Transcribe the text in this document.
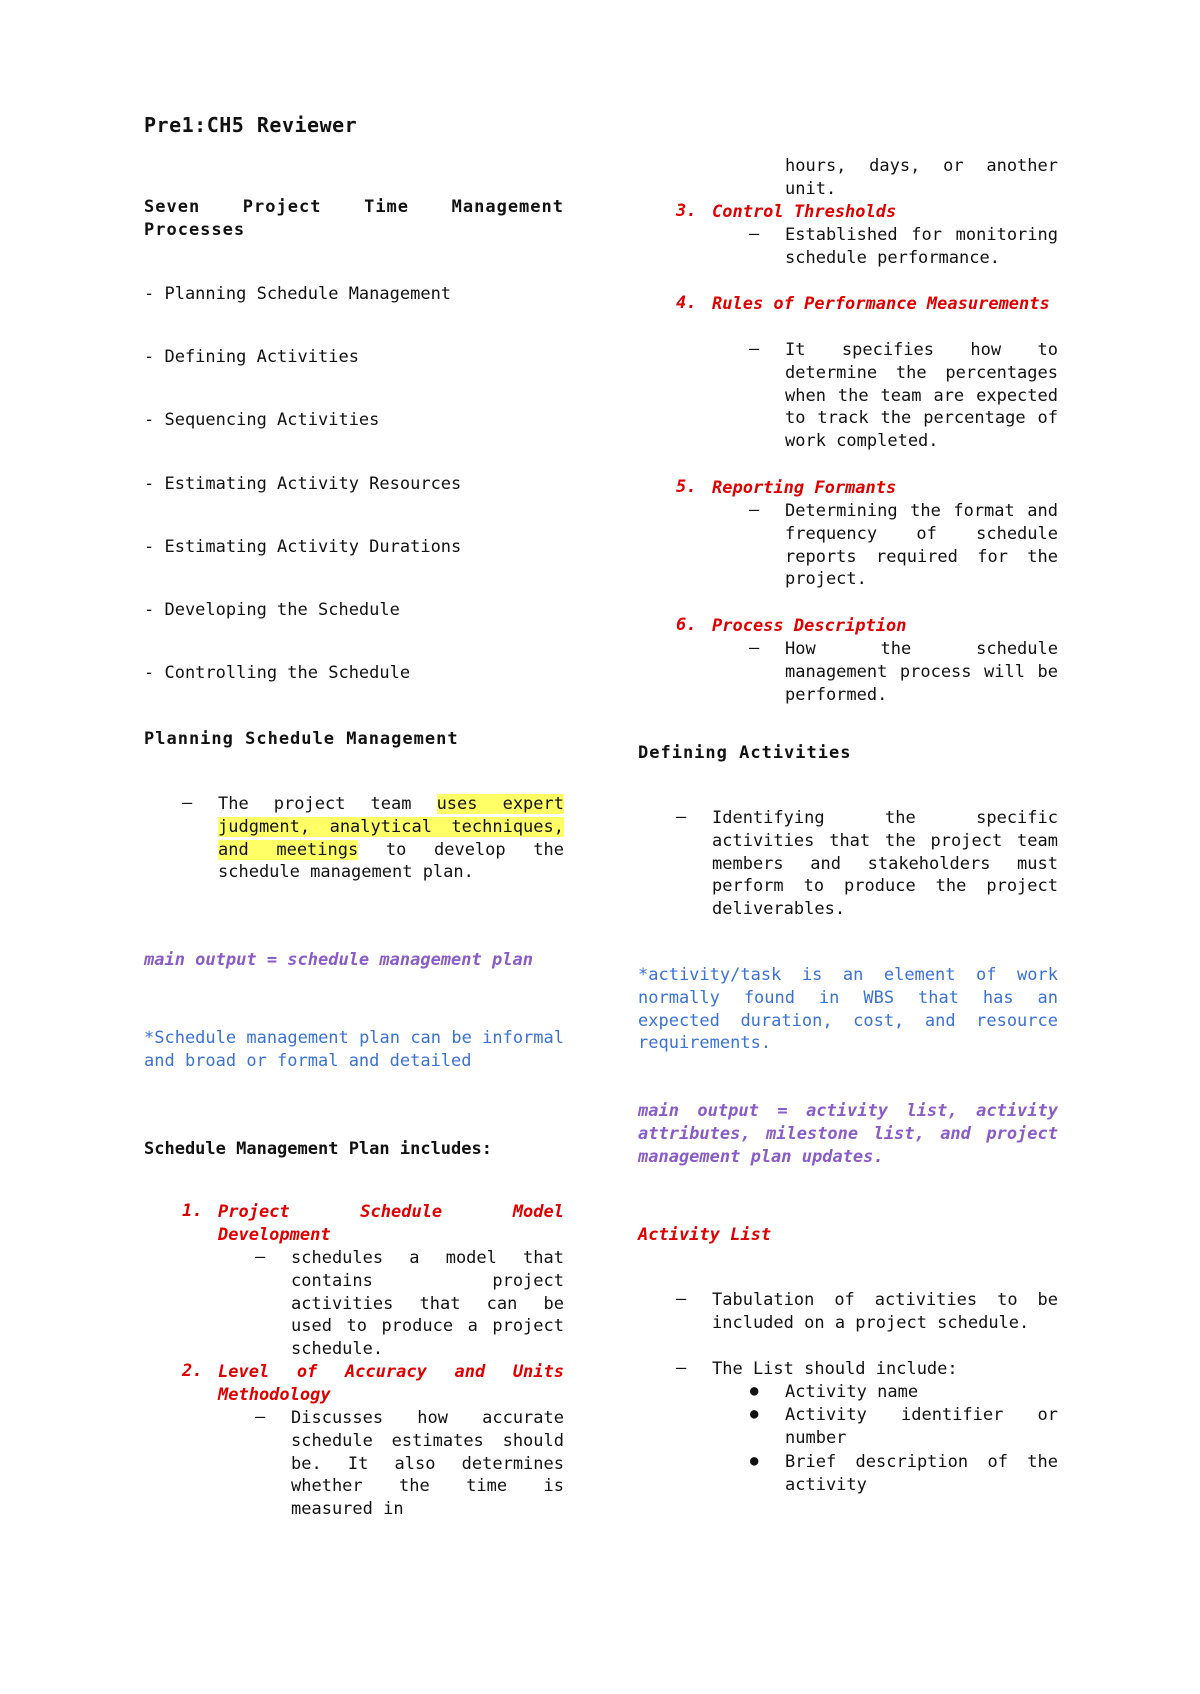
Pre1:CH5 Reviewer
Seven Project Time Management Processes
- Planning Schedule Management
- Defining Activities
- Sequencing Activities
- Estimating Activity Resources
- Estimating Activity Durations
- Developing the Schedule
- Controlling the Schedule
Planning Schedule Management
– The project team uses expert judgment, analytical techniques, and meetings to develop the schedule management plan.
main output = schedule management plan
*Schedule management plan can be informal and broad or formal and detailed
Schedule Management Plan includes:
1. Project Schedule Model Development
– schedules a model that contains project activities that can be used to produce a project schedule.
2. Level of Accuracy and Units Methodology
– Discusses how accurate schedule estimates should be. It also determines whether the time is measured in
hours, days, or another unit.
3. Control Thresholds
– Established for monitoring schedule performance.
4. Rules of Performance Measurements
– It specifies how to determine the percentages when the team are expected to track the percentage of work completed.
5. Reporting Formants
– Determining the format and frequency of schedule reports required for the project.
6. Process Description
– How the schedule management process will be performed.
Defining Activities
– Identifying the specific activities that the project team members and stakeholders must perform to produce the project deliverables.
*activity/task is an element of work normally found in WBS that has an expected duration, cost, and resource requirements.
main output = activity list, activity attributes, milestone list, and project management plan updates.
Activity List
– Tabulation of activities to be included on a project schedule.
– The List should include:
● Activity name
● Activity identifier or number
● Brief description of the activity
